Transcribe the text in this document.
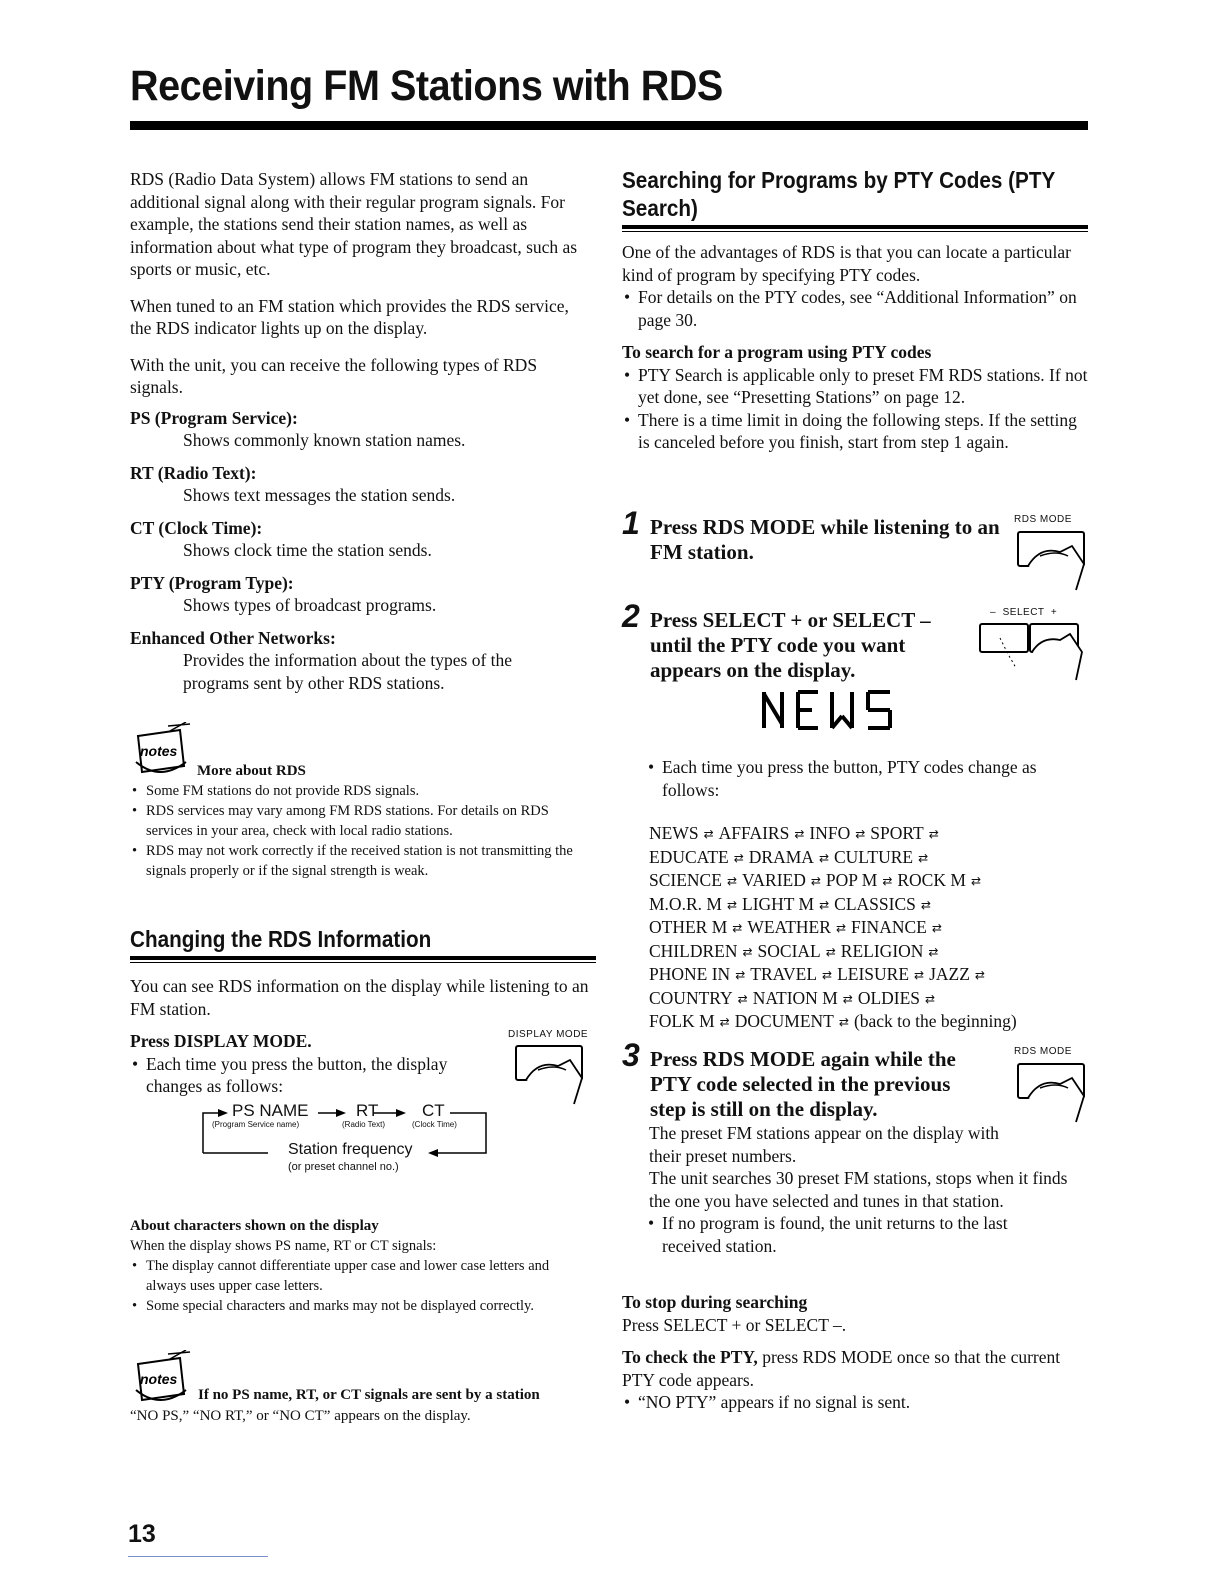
Receiving FM Stations with RDS

RDS (Radio Data System) allows FM stations to send an additional signal along with their regular program signals. For example, the stations send their station names, as well as information about what type of program they broadcast, such as sports or music, etc.

When tuned to an FM station which provides the RDS service, the RDS indicator lights up on the display.

With the unit, you can receive the following types of RDS signals.

PS (Program Service):

Shows commonly known station names.

RT (Radio Text):

Shows text messages the station sends.

CT (Clock Time):

Shows clock time the station sends.

PTY (Program Type):

Shows types of broadcast programs.

Enhanced Other Networks:

Provides the information about the types of the programs sent by other RDS stations.

notes

More about RDS

• Some FM stations do not provide RDS signals.
• RDS services may vary among FM RDS stations. For details on RDS services in your area, check with local radio stations.
• RDS may not work correctly if the received station is not transmitting the signals properly or if the signal strength is weak.
Changing the RDS Information

You can see RDS information on the display while listening to an FM station.

Press DISPLAY MODE.

• Each time you press the button, the display changes as follows:
DISPLAY MODE
PS NAME	RT	CT
(Program Service name)	(Radio Text)	(Clock Time)
Station frequency
(or preset channel no.)

About characters shown on the display

When the display shows PS name, RT or CT signals:

• The display cannot differentiate upper case and lower case letters and always uses upper case letters.
• Some special characters and marks may not be displayed correctly.
notes

If no PS name, RT, or CT signals are sent by a station

“NO PS,” “NO RT,” or “NO CT” appears on the display.

Searching for Programs by PTY Codes (PTY
Search)

One of the advantages of RDS is that you can locate a particular kind of program by specifying PTY codes.

• For details on the PTY codes, see “Additional Information” on page 30.

To search for a program using PTY codes

• PTY Search is applicable only to preset FM RDS stations. If not yet done, see “Presetting Stations” on page 12.
• There is a time limit in doing the following steps. If the setting is canceled before you finish, start from step 1 again.
1 Press RDS MODE while listening to an FM station.

RDS MODE
2 Press SELECT + or SELECT – until the PTY code you want appears on the display.

–  SELECT  +
• Each time you press the button, PTY codes change as follows:
NEWS ⇄ AFFAIRS ⇄ INFO ⇄ SPORT ⇄
EDUCATE ⇄ DRAMA ⇄ CULTURE ⇄
SCIENCE ⇄ VARIED ⇄ POP M ⇄ ROCK M ⇄
M.O.R. M ⇄ LIGHT M ⇄ CLASSICS ⇄
OTHER M ⇄ WEATHER ⇄ FINANCE ⇄
CHILDREN ⇄ SOCIAL ⇄ RELIGION ⇄
PHONE IN ⇄ TRAVEL ⇄ LEISURE ⇄ JAZZ ⇄
COUNTRY ⇄ NATION M ⇄ OLDIES ⇄
FOLK M ⇄ DOCUMENT ⇄ (back to the beginning)
3 Press RDS MODE again while the PTY code selected in the previous step is still on the display.

RDS MODE

The preset FM stations appear on the display with their preset numbers.

The unit searches 30 preset FM stations, stops when it finds the one you have selected and tunes in that station.

• If no program is found, the unit returns to the last received station.

To stop during searching

Press SELECT + or SELECT –.

To check the PTY, press RDS MODE once so that the current PTY code appears.

• “NO PTY” appears if no signal is sent.
13
